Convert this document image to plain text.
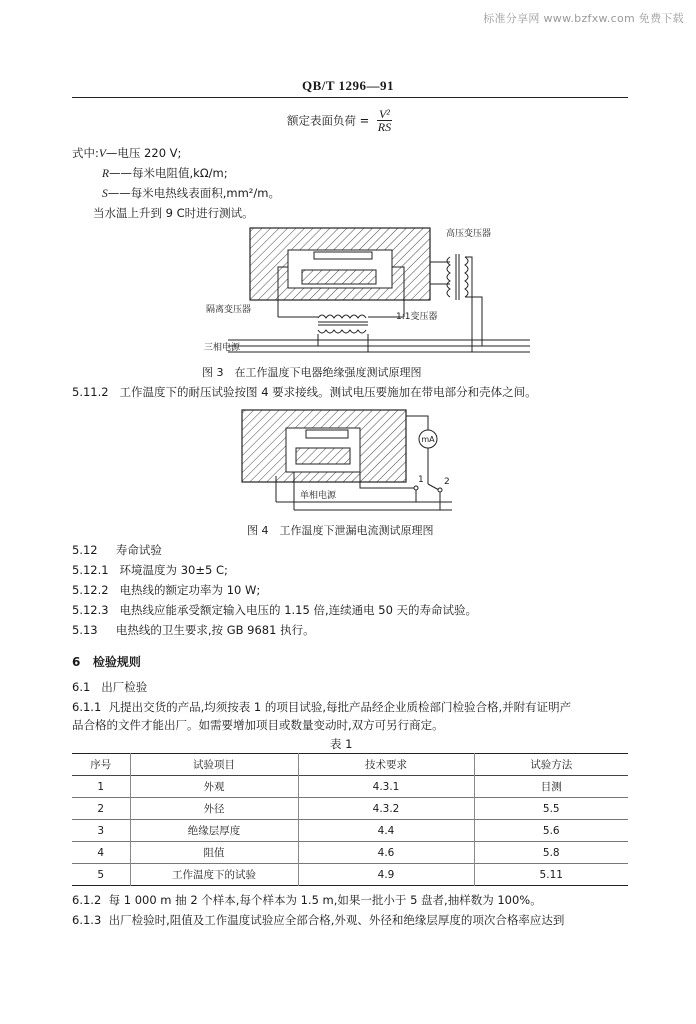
标准分享网 www.bzfxw.com 免费下载
QB/T 1296—91
额定表面负荷 = $\frac{\text{V²}}{RS}$
式中:V—电压 220 V;
R——每米电阻值,kΩ/m;
S——每米电热线表面积,mm²/m。
当水温上升到 9 C时进行测试。
高压变压器
隔离变压器
1:1变压器
三相电源
图 3　在工作温度下电器绝缘强度测试原理图
5.11.2 工作温度下的耐压试验按图 4 要求接线。测试电压要施加在带电部分和壳体之间。
mA
1 2
单相电源
图 4　工作温度下泄漏电流测试原理图
5.12 寿命试验
5.12.1 环境温度为 30±5 C;
5.12.2 电热线的额定功率为 10 W;
5.12.3 电热线应能承受额定输入电压的 1.15 倍,连续通电 50 天的寿命试验。
5.13 电热线的卫生要求,按 GB 9681 执行。
6 检验规则
6.1 出厂检验
6.1.1 凡提出交货的产品,均须按表 1 的项目试验,每批产品经企业质检部门检验合格,并附有证明产
品合格的文件才能出厂。如需要增加项目或数量变动时,双方可另行商定。
表 1
序号	试验项目	技术要求	试验方法
1	外观	4.3.1	目测
2	外径	4.3.2	5.5
3	绝缘层厚度	4.4	5.6
4	阻值	4.6	5.8
5	工作温度下的试验	4.9	5.11
6.1.2 每 1 000 m 抽 2 个样本,每个样本为 1.5 m,如果一批小于 5 盘者,抽样数为 100%。
6.1.3 出厂检验时,阻值及工作温度试验应全部合格,外观、外径和绝缘层厚度的项次合格率应达到
